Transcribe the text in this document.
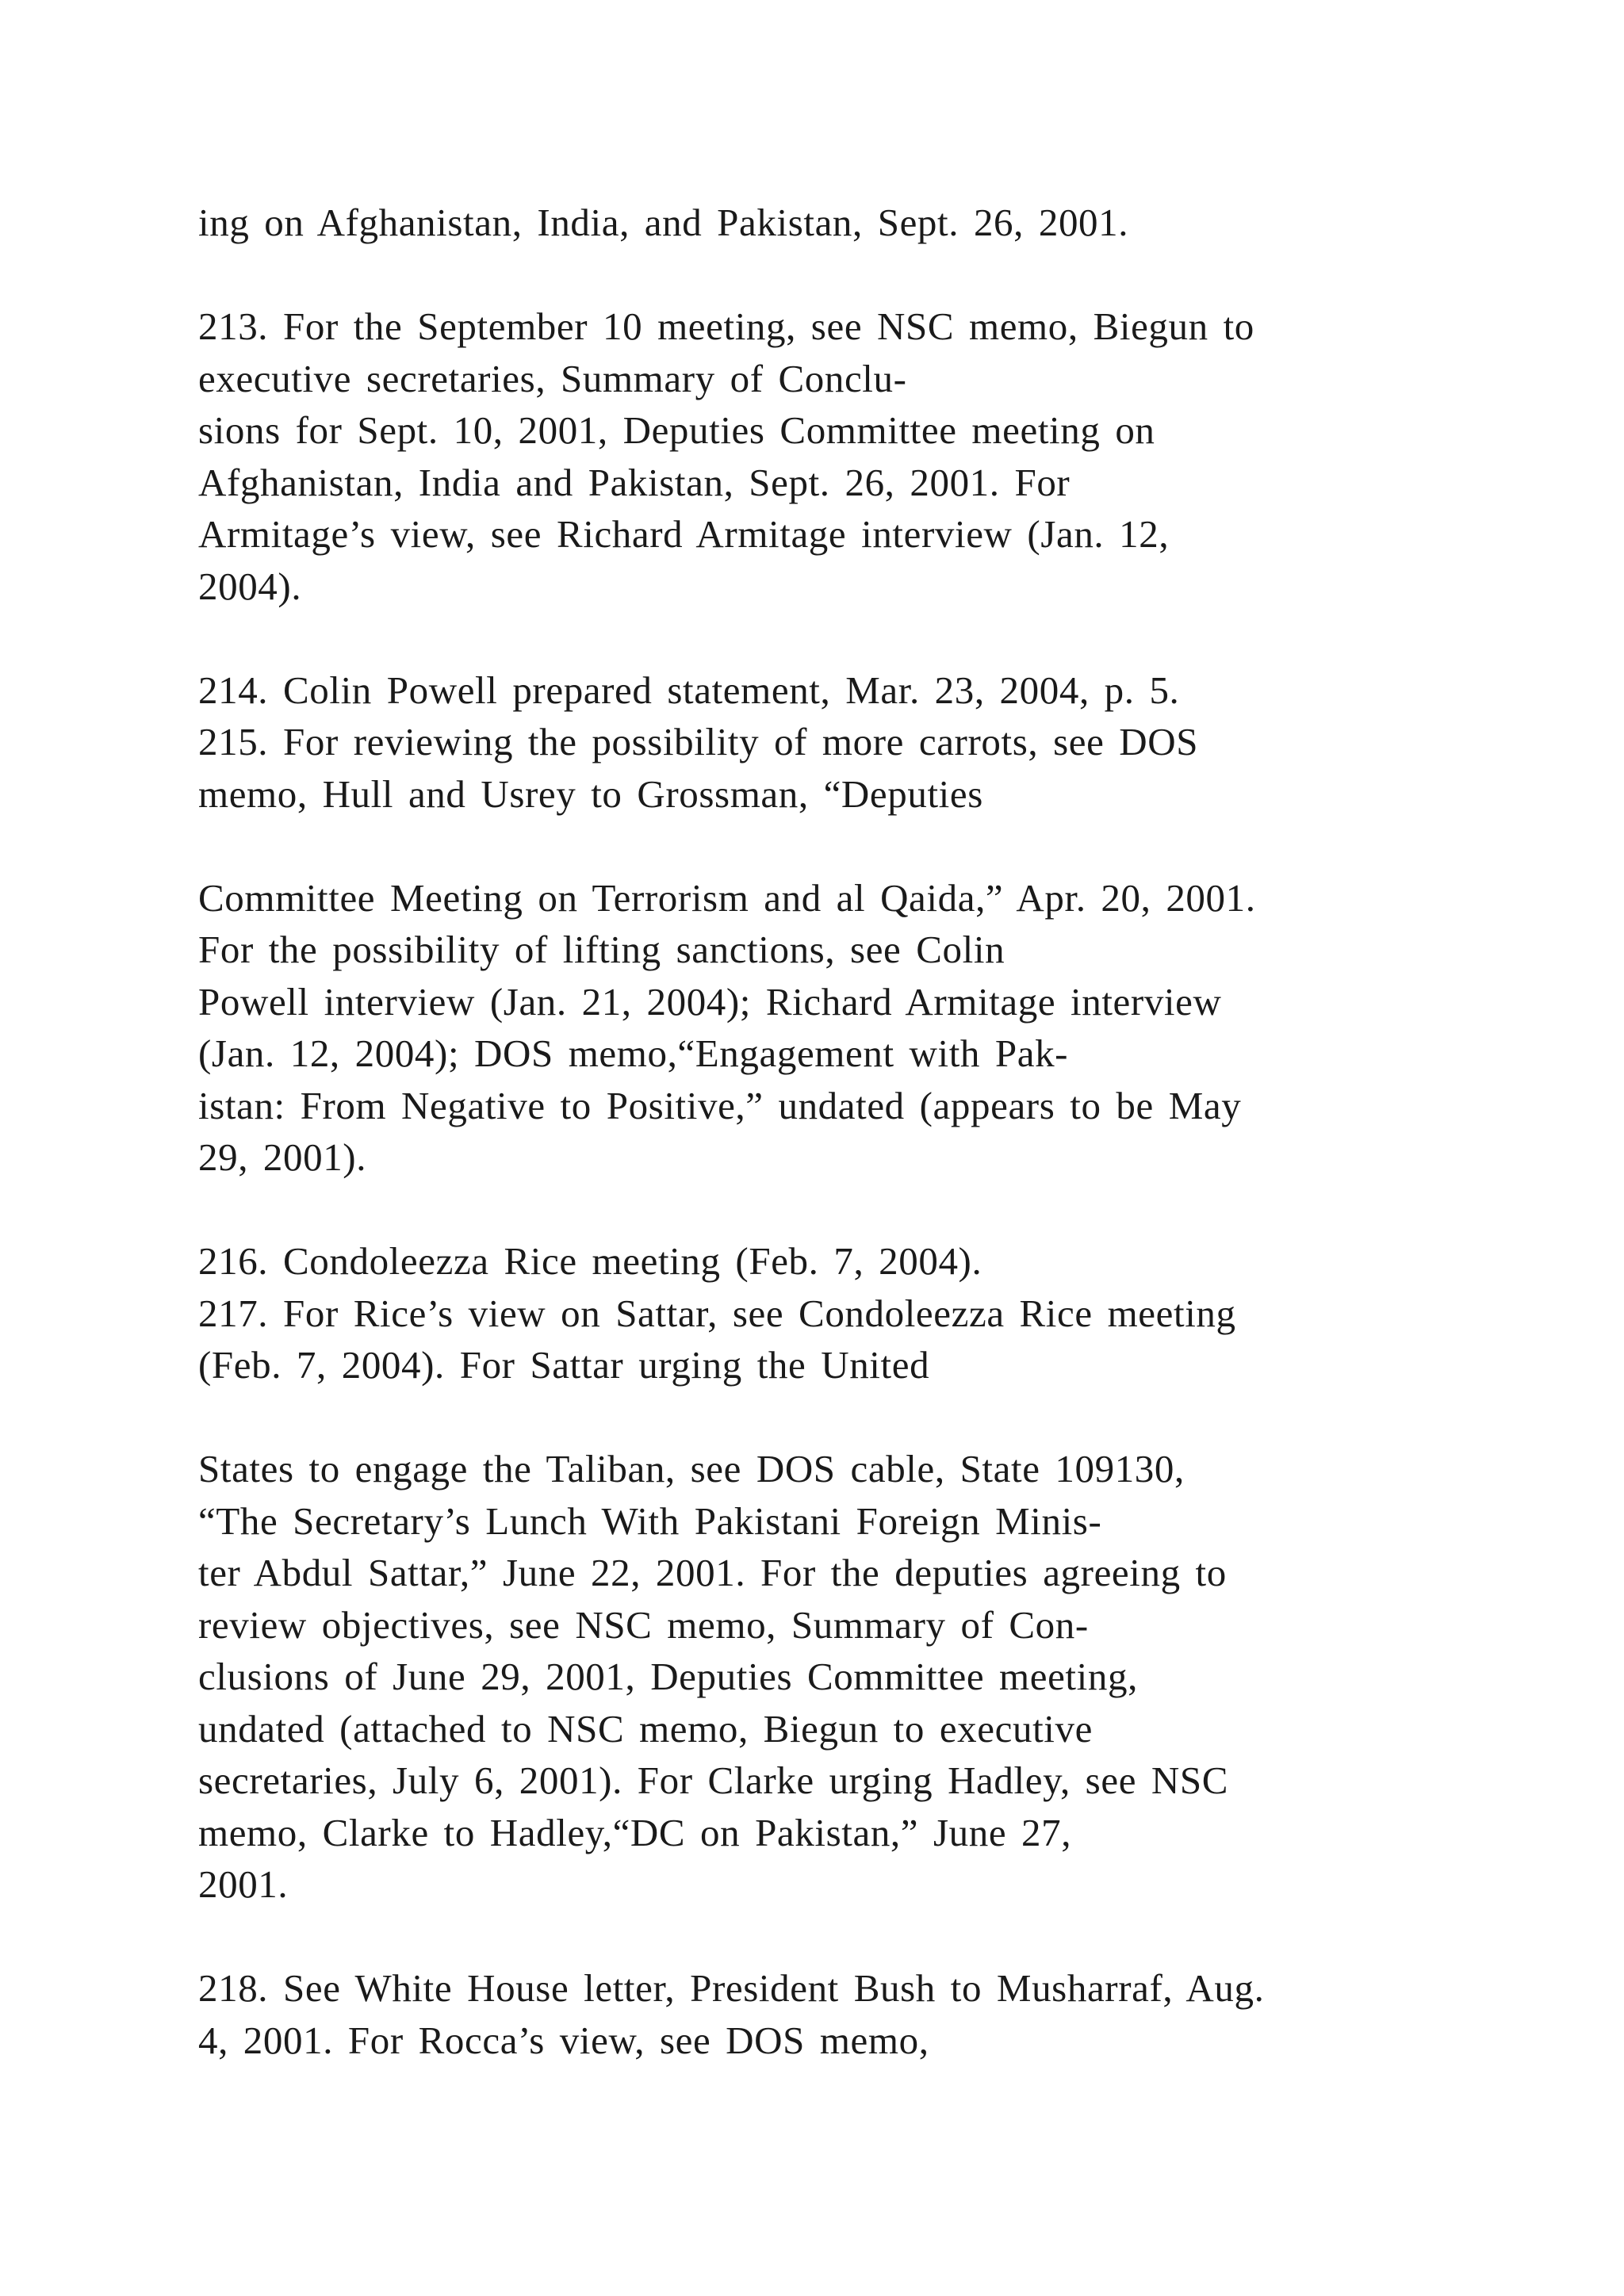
ing on Afghanistan, India, and Pakistan, Sept. 26, 2001.
213. For the September 10 meeting, see NSC memo, Biegun to
executive secretaries, Summary of Conclu-
sions for Sept. 10, 2001, Deputies Committee meeting on
Afghanistan, India and Pakistan, Sept. 26, 2001. For
Armitage’s view, see Richard Armitage interview (Jan. 12,
2004).
214. Colin Powell prepared statement, Mar. 23, 2004, p. 5.
215. For reviewing the possibility of more carrots, see DOS
memo, Hull and Usrey to Grossman, “Deputies
Committee Meeting on Terrorism and al Qaida,” Apr. 20, 2001.
For the possibility of lifting sanctions, see Colin
Powell interview (Jan. 21, 2004); Richard Armitage interview
(Jan. 12, 2004); DOS memo,“Engagement with Pak-
istan: From Negative to Positive,” undated (appears to be May
29, 2001).
216. Condoleezza Rice meeting (Feb. 7, 2004).
217. For Rice’s view on Sattar, see Condoleezza Rice meeting
(Feb. 7, 2004). For Sattar urging the United
States to engage the Taliban, see DOS cable, State 109130,
“The Secretary’s Lunch With Pakistani Foreign Minis-
ter Abdul Sattar,” June 22, 2001. For the deputies agreeing to
review objectives, see NSC memo, Summary of Con-
clusions of June 29, 2001, Deputies Committee meeting,
undated (attached to NSC memo, Biegun to executive
secretaries, July 6, 2001). For Clarke urging Hadley, see NSC
memo, Clarke to Hadley,“DC on Pakistan,” June 27,
2001.
218. See White House letter, President Bush to Musharraf, Aug.
4, 2001. For Rocca’s view, see DOS memo,
